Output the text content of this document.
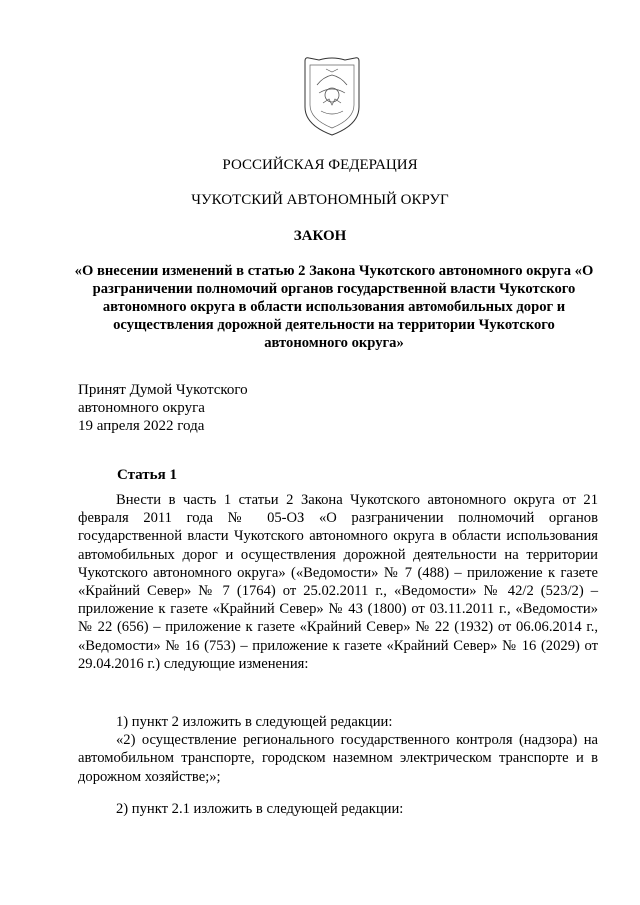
РОССИЙСКАЯ ФЕДЕРАЦИЯ
ЧУКОТСКИЙ АВТОНОМНЫЙ ОКРУГ
ЗАКОН
«О внесении изменений в статью 2 Закона Чукотского автономного округа «О разграничении полномочий органов государственной власти Чукотского автономного округа в области использования автомобильных дорог и осуществления дорожной деятельности на территории Чукотского автономного округа»
Принят Думой Чукотского
автономного округа
19 апреля 2022 года
Статья 1

Внести в часть 1 статьи 2 Закона Чукотского автономного округа от 21 февраля 2011 года № 05-ОЗ «О разграничении полномочий органов государственной власти Чукотского автономного округа в области использования автомобильных дорог и осуществления дорожной деятельности на территории Чукотского автономного округа» («Ведомости» № 7 (488) – приложение к газете «Крайний Север» № 7 (1764) от 25.02.2011 г., «Ведомости» № 42/2 (523/2) – приложение к газете «Крайний Север» № 43 (1800) от 03.11.2011 г., «Ведомости» № 22 (656) – приложение к газете «Крайний Север» № 22 (1932) от 06.06.2014 г., «Ведомости» № 16 (753) – приложение к газете «Крайний Север» № 16 (2029) от 29.04.2016 г.) следующие изменения:

1) пункт 2 изложить в следующей редакции:

«2) осуществление регионального государственного контроля (надзора) на автомобильном транспорте, городском наземном электрическом транспорте и в дорожном хозяйстве;»;

2) пункт 2.1 изложить в следующей редакции:
